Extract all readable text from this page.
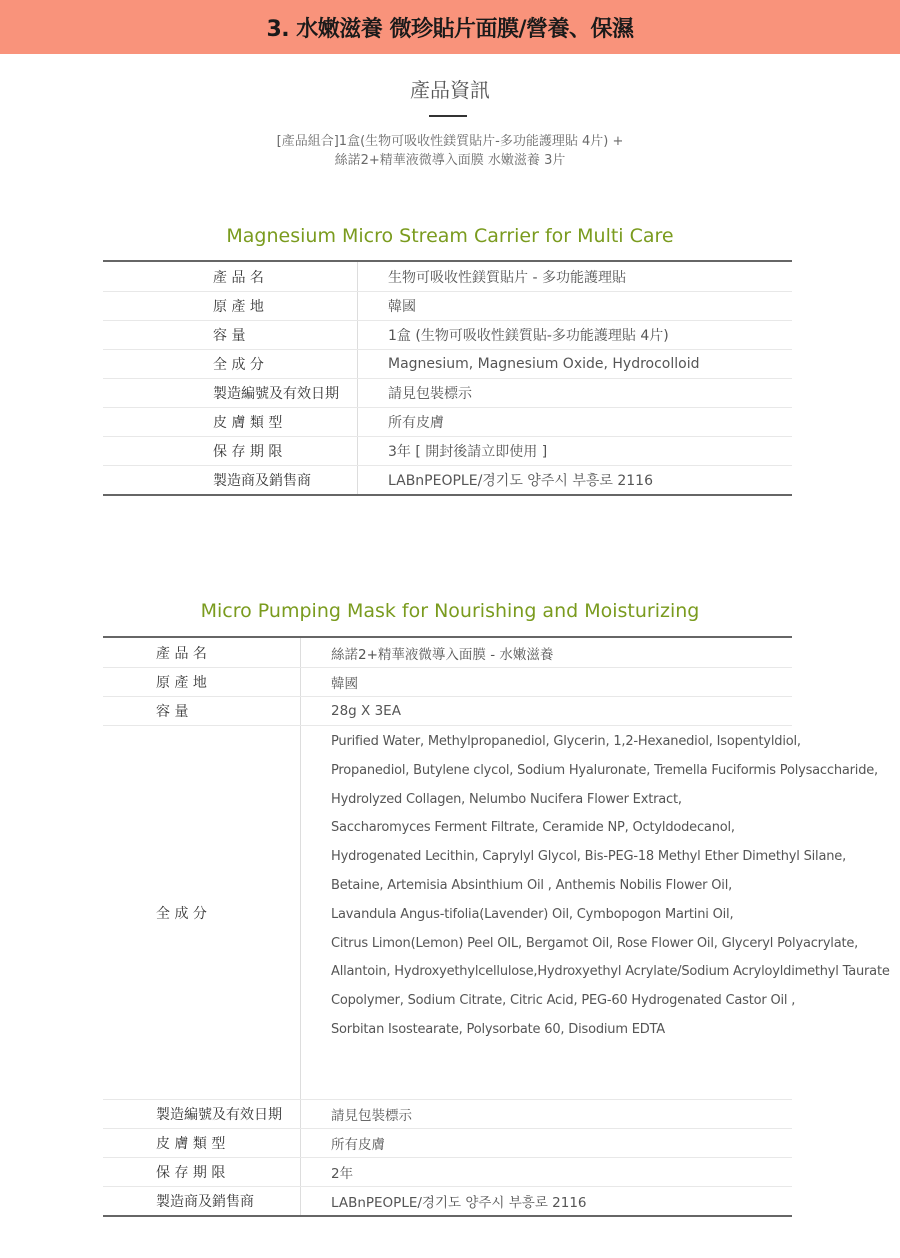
3. 水嫩滋養 微珍貼片面膜/營養、保濕
產品資訊
[產品組合]1盒(生物可吸收性鎂質貼片-多功能護理貼 4片) +
絲諾2+精華液微導入面膜 水嫩滋養 3片
Magnesium Micro Stream Carrier for Multi Care
產 品 名	生物可吸收性鎂質貼片 - 多功能護理貼
原 產 地	韓國
容 量	1盒 (生物可吸收性鎂質貼-多功能護理貼 4片)
全 成 分	Magnesium, Magnesium Oxide, Hydrocolloid
製造編號及有效日期	請見包裝標示
皮 膚 類 型	所有皮膚
保 存 期 限	3年 [ 開封後請立即使用 ]
製造商及銷售商	LABnPEOPLE/경기도 양주시 부흥로 2116
Micro Pumping Mask for Nourishing and Moisturizing
產 品 名	絲諾2+精華液微導入面膜 - 水嫩滋養
原 產 地	韓國
容 量	28g X 3EA
全 成 分
Purified Water, Methylpropanediol, Glycerin, 1,2-Hexanediol, Isopentyldiol,
Propanediol, Butylene clycol, Sodium Hyaluronate, Tremella Fuciformis Polysaccharide,
Hydrolyzed Collagen, Nelumbo Nucifera Flower Extract,
Saccharomyces Ferment Filtrate, Ceramide NP, Octyldodecanol,
Hydrogenated Lecithin, Caprylyl Glycol, Bis-PEG-18 Methyl Ether Dimethyl Silane,
Betaine, Artemisia Absinthium Oil , Anthemis Nobilis Flower Oil,
Lavandula Angus-tifolia(Lavender) Oil, Cymbopogon Martini Oil,
Citrus Limon(Lemon) Peel OIL, Bergamot Oil, Rose Flower Oil, Glyceryl Polyacrylate,
Allantoin, Hydroxyethylcellulose,Hydroxyethyl Acrylate/Sodium Acryloyldimethyl Taurate
Copolymer, Sodium Citrate, Citric Acid, PEG-60 Hydrogenated Castor Oil ,
Sorbitan Isostearate, Polysorbate 60, Disodium EDTA
製造編號及有效日期	請見包裝標示
皮 膚 類 型	所有皮膚
保 存 期 限	2年
製造商及銷售商	LABnPEOPLE/경기도 양주시 부흥로 2116
